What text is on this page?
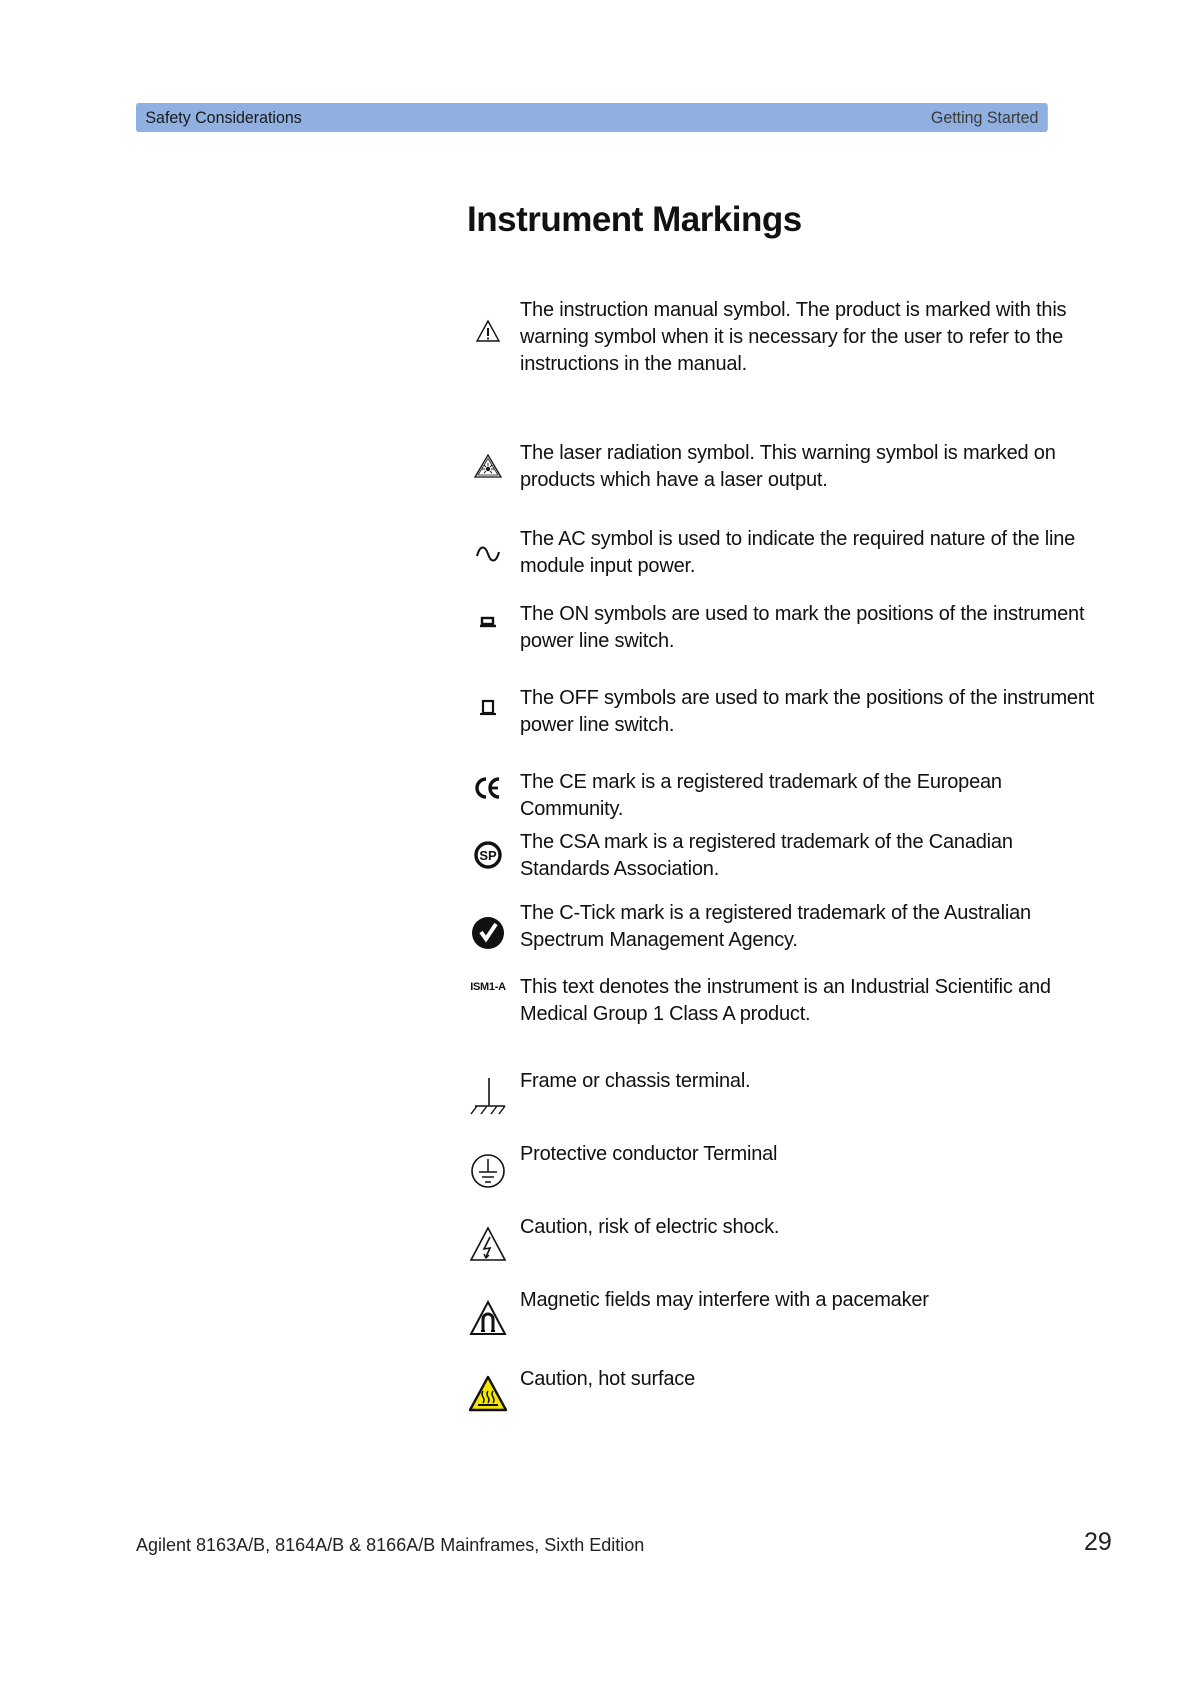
Safety Considerations	Getting Started
Instrument Markings
The instruction manual symbol. The product is marked with this warning symbol when it is necessary for the user to refer to the instructions in the manual.
The laser radiation symbol. This warning symbol is marked on products which have a laser output.
The AC symbol is used to indicate the required nature of the line module input power.
The ON symbols are used to mark the positions of the instrument power line switch.
The OFF symbols are used to mark the positions of the instrument power line switch.
The CE mark is a registered trademark of the European Community.
SP
The CSA mark is a registered trademark of the Canadian Standards Association.
The C-Tick mark is a registered trademark of the Australian Spectrum Management Agency.
ISM1-A This text denotes the instrument is an Industrial Scientific and Medical Group 1 Class A product.
Frame or chassis terminal.
Protective conductor Terminal
Caution, risk of electric shock.
Magnetic fields may interfere with a pacemaker
Caution, hot surface
Agilent 8163A/B, 8164A/B & 8166A/B Mainframes, Sixth Edition	29
